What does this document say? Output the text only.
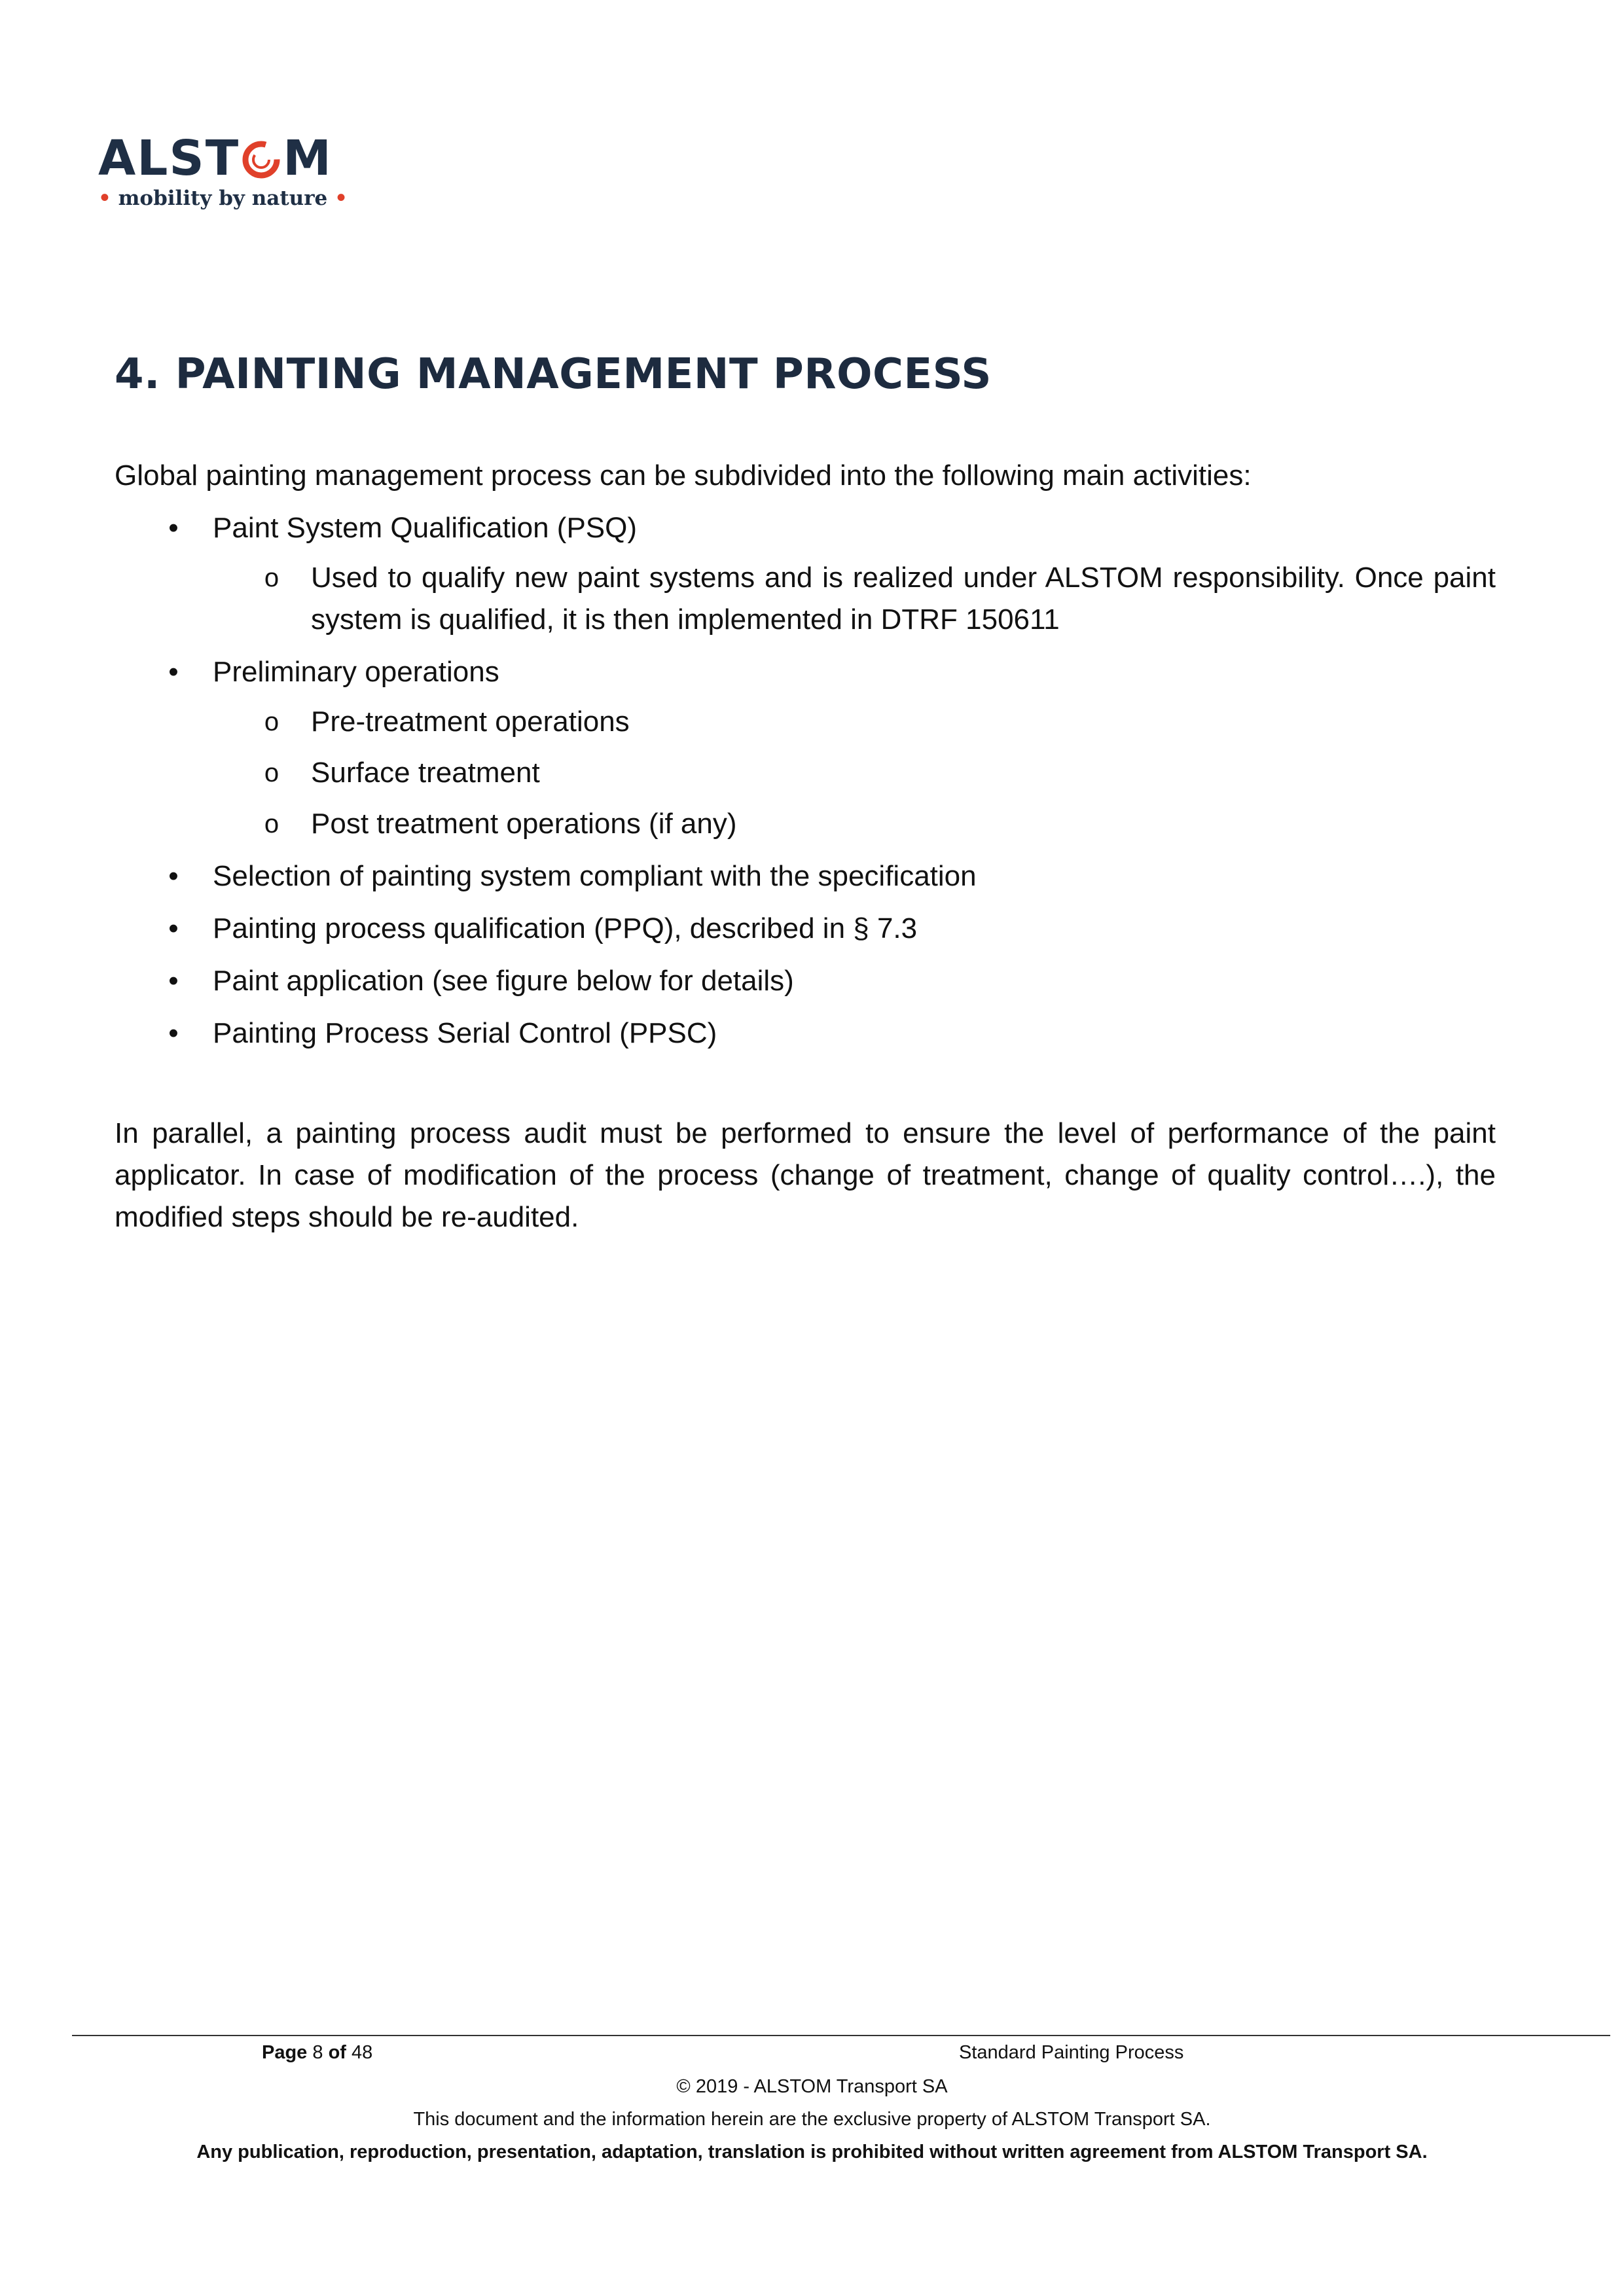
ALST M
• mobility by nature •
4. PAINTING MANAGEMENT PROCESS
Global painting management process can be subdivided into the following main activities:
• Paint System Qualification (PSQ)
o Used to qualify new paint systems and is realized under ALSTOM responsibility. Once paint system is qualified, it is then implemented in DTRF 150611
• Preliminary operations
o Pre-treatment operations
o Surface treatment
o Post treatment operations (if any)
• Selection of painting system compliant with the specification
• Painting process qualification (PPQ), described in § 7.3
• Paint application (see figure below for details)
• Painting Process Serial Control (PPSC)
In parallel, a painting process audit must be performed to ensure the level of performance of the paint applicator. In case of modification of the process (change of treatment, change of quality control….), the modified steps should be re-audited.
Page 8 of 48	Standard Painting Process
© 2019 - ALSTOM Transport SA
This document and the information herein are the exclusive property of ALSTOM Transport SA.
Any publication, reproduction, presentation, adaptation, translation is prohibited without written agreement from ALSTOM Transport SA.
